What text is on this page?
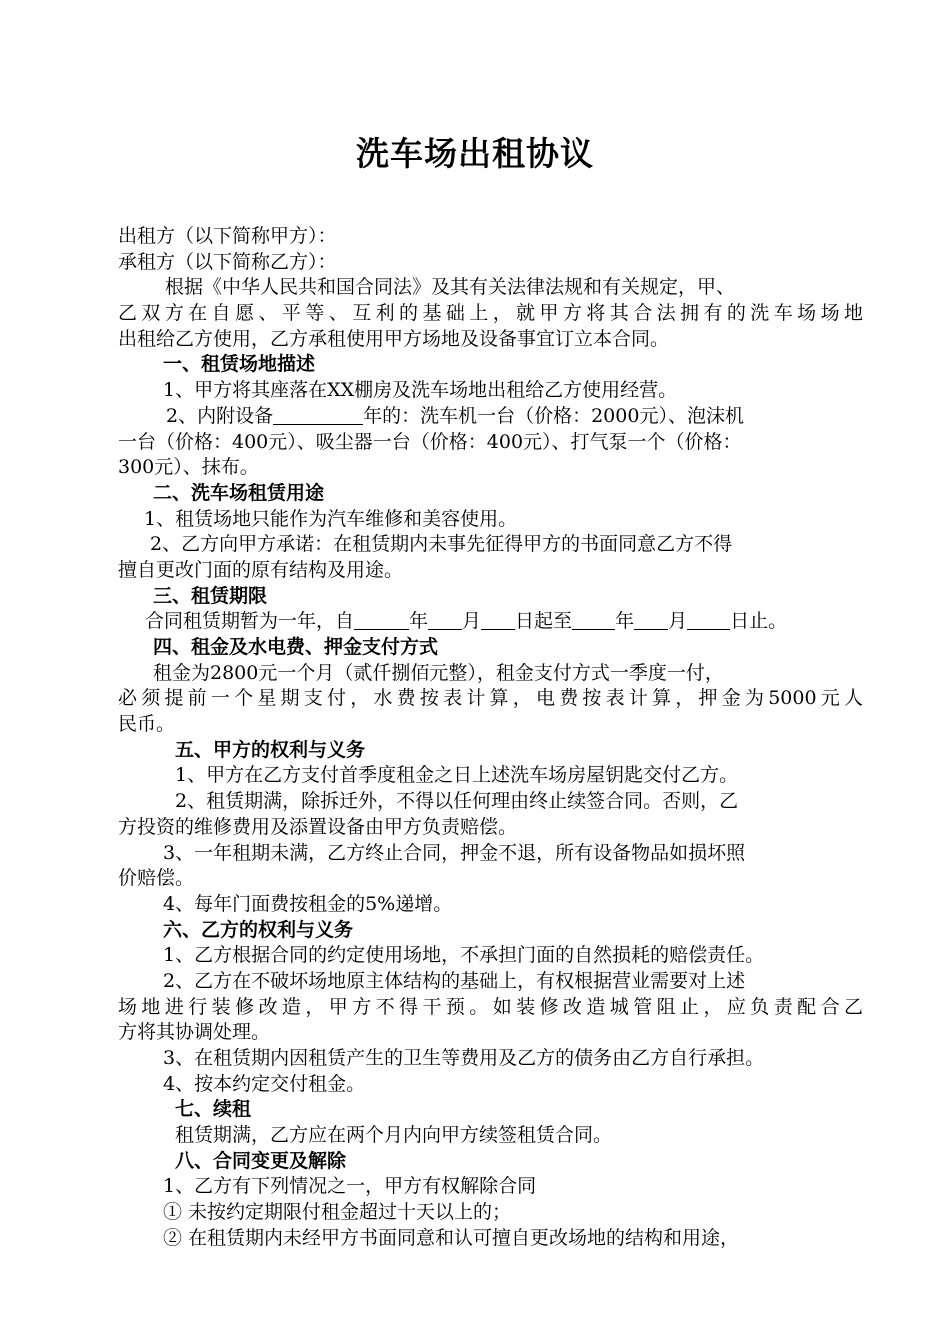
洗车场出租协议
出租方（以下简称甲方）：
承租方（以下简称乙方）：
根据《中华人民共和国合同法》及其有关法律法规和有关规定，甲、
乙双方在自愿、平等、互利的基础上，就甲方将其合法拥有的洗车场场地
出租给乙方使用，乙方承租使用甲方场地及设备事宜订立本合同。
一、租赁场地描述
1、甲方将其座落在XX棚房及洗车场地出租给乙方使用经营。
2、内附设备	年的：洗车机一台（价格：2000元）、泡沫机
一台（价格：400元）、吸尘器一台（价格：400元）、打气泵一个（价格：
300元）、抹布。
二、洗车场租赁用途
1、租赁场地只能作为汽车维修和美容使用。
2、乙方向甲方承诺：在租赁期内未事先征得甲方的书面同意乙方不得
擅自更改门面的原有结构及用途。
三、租赁期限
合同租赁期暂为一年，自	年 月 日起至 年 月 日止。
四、租金及水电费、押金支付方式
租金为2800元一个月（贰仟捌佰元整），租金支付方式一季度一付，
必须提前一个星期支付，水费按表计算，电费按表计算，押金为5000元人
民币。
五、甲方的权利与义务
1、甲方在乙方支付首季度租金之日上述洗车场房屋钥匙交付乙方。
2、租赁期满，除拆迁外，不得以任何理由终止续签合同。否则，乙
方投资的维修费用及添置设备由甲方负责赔偿。
3、一年租期未满，乙方终止合同，押金不退，所有设备物品如损坏照
价赔偿。
4、每年门面费按租金的5%递增。
六、乙方的权利与义务
1、乙方根据合同的约定使用场地，不承担门面的自然损耗的赔偿责任。
2、乙方在不破坏场地原主体结构的基础上，有权根据营业需要对上述
场地进行装修改造，甲方不得干预。如装修改造城管阻止，应负责配合乙
方将其协调处理。
3、在租赁期内因租赁产生的卫生等费用及乙方的债务由乙方自行承担。
4、按本约定交付租金。
七、续租
租赁期满，乙方应在两个月内向甲方续签租赁合同。
八、合同变更及解除
1、乙方有下列情况之一，甲方有权解除合同
① 未按约定期限付租金超过十天以上的；
② 在租赁期内未经甲方书面同意和认可擅自更改场地的结构和用途，
